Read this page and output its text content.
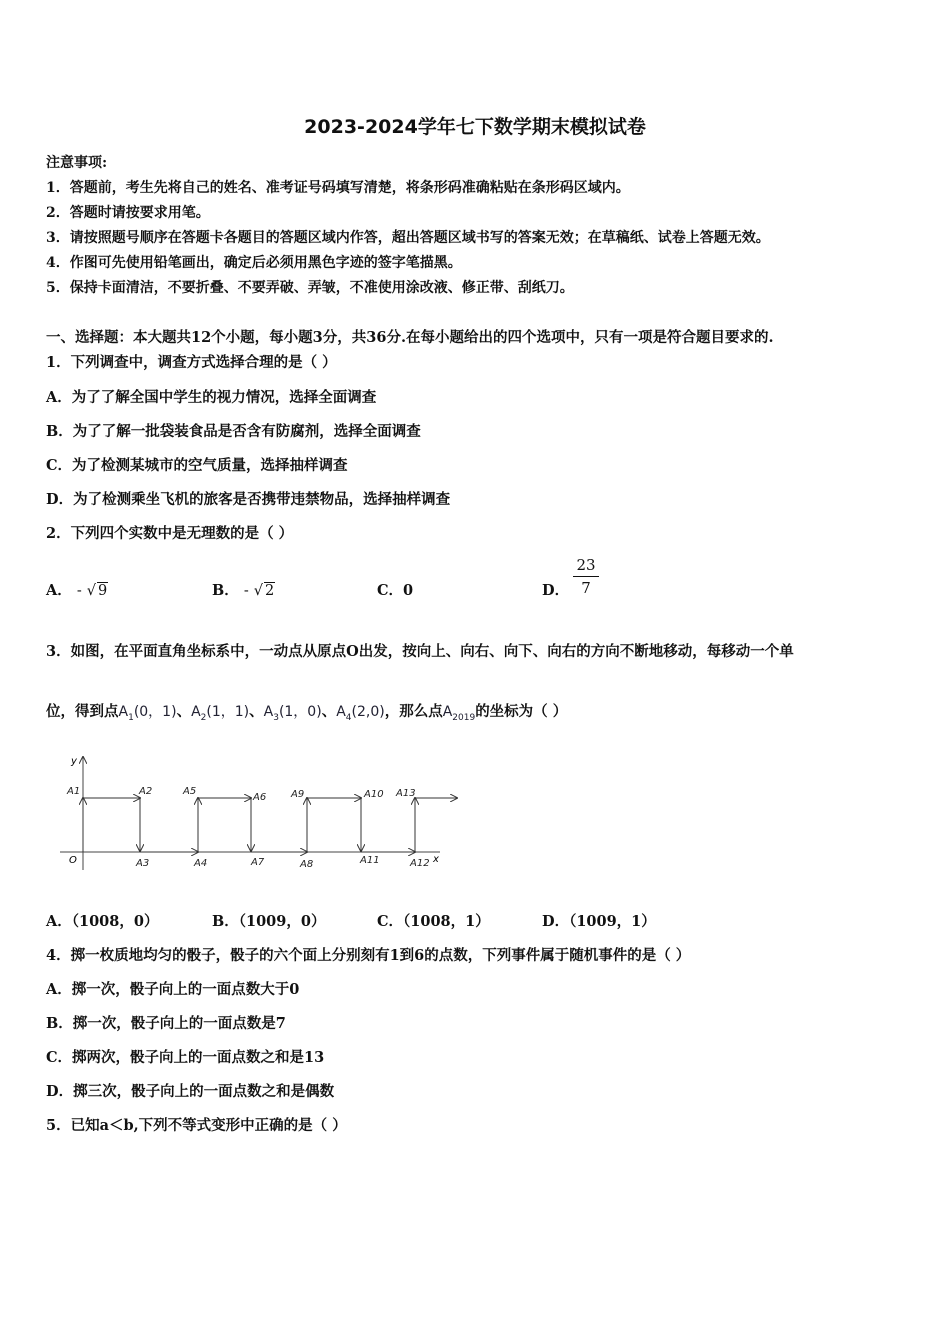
2023-2024学年七下数学期末模拟试卷
注意事项:
1．答题前，考生先将自己的姓名、准考证号码填写清楚，将条形码准确粘贴在条形码区域内。
2．答题时请按要求用笔。
3．请按照题号顺序在答题卡各题目的答题区域内作答，超出答题区域书写的答案无效；在草稿纸、试卷上答题无效。
4．作图可先使用铅笔画出，确定后必须用黑色字迹的签字笔描黑。
5．保持卡面清洁，不要折叠、不要弄破、弄皱，不准使用涂改液、修正带、刮纸刀。
一、选择题：本大题共12个小题，每小题3分，共36分.在每小题给出的四个选项中，只有一项是符合题目要求的.
1．下列调查中，调查方式选择合理的是（ ）
A．为了了解全国中学生的视力情况，选择全面调查
B．为了了解一批袋装食品是否含有防腐剂，选择全面调查
C．为了检测某城市的空气质量，选择抽样调查
D．为了检测乘坐飞机的旅客是否携带违禁物品，选择抽样调查
2．下列四个实数中是无理数的是（ ）
A． - √ 9	B． - √ 2	C．0	D． $\frac{23}{7}$
3．如图，在平面直角坐标系中，一动点从原点O出发，按向上、向右、向下、向右的方向不断地移动，每移动一个单
位，得到点$A_1(0$，1)、$A_2(1$，1)、$A_3(1$，0)、$A_4(2,0)$，那么点$A_{2019}$的坐标为（ ）
x
y
O
A1	A2	A5
A6 A9	A10 A13
A3	A4	A7	A8	A11	A12
A．（1008，0）	B．（1009，0）	C．（1008，1）	D．（1009，1）
4．掷一枚质地均匀的骰子，骰子的六个面上分别刻有1到6的点数，下列事件属于随机事件的是（ ）
A．掷一次，骰子向上的一面点数大于0
B．掷一次，骰子向上的一面点数是7
C．掷两次，骰子向上的一面点数之和是13
D．掷三次，骰子向上的一面点数之和是偶数
5．已知a＜b,下列不等式变形中正确的是（ ）
